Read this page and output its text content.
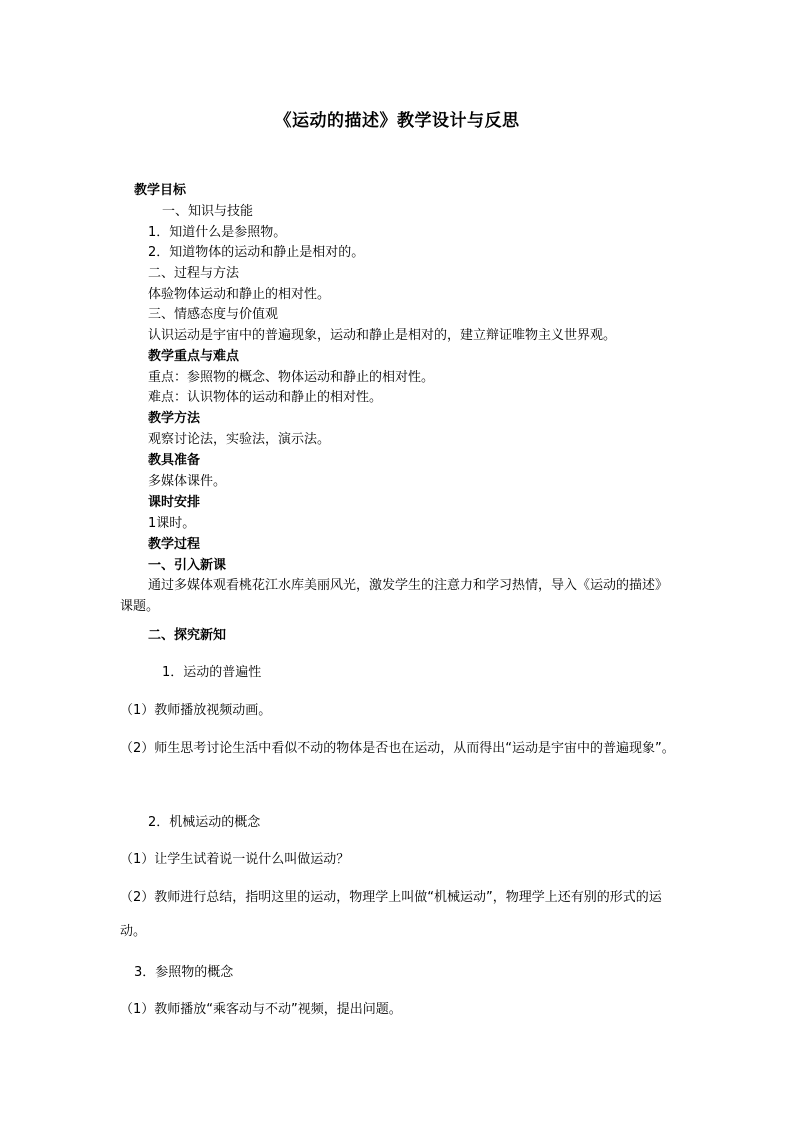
《运动的描述》教学设计与反思
教学目标
一、知识与技能
1．知道什么是参照物。
2．知道物体的运动和静止是相对的。
二、过程与方法
体验物体运动和静止的相对性。
三、情感态度与价值观
认识运动是宇宙中的普遍现象，运动和静止是相对的，建立辩证唯物主义世界观。
教学重点与难点
重点：参照物的概念、物体运动和静止的相对性。
难点：认识物体的运动和静止的相对性。
教学方法
观察讨论法，实验法，演示法。
教具准备
多媒体课件。
课时安排
1课时。
教学过程
一、引入新课
通过多媒体观看桃花江水库美丽风光，激发学生的注意力和学习热情，导入《运动的描述》课题。
二、探究新知
1．运动的普遍性
（1）教师播放视频动画。
（2）师生思考讨论生活中看似不动的物体是否也在运动，从而得出“运动是宇宙中的普遍现象”。
2．机械运动的概念
（1）让学生试着说一说什么叫做运动？
（2）教师进行总结，指明这里的运动，物理学上叫做“机械运动”，物理学上还有别的形式的运动。
3．参照物的概念
（1）教师播放“乘客动与不动”视频，提出问题。
